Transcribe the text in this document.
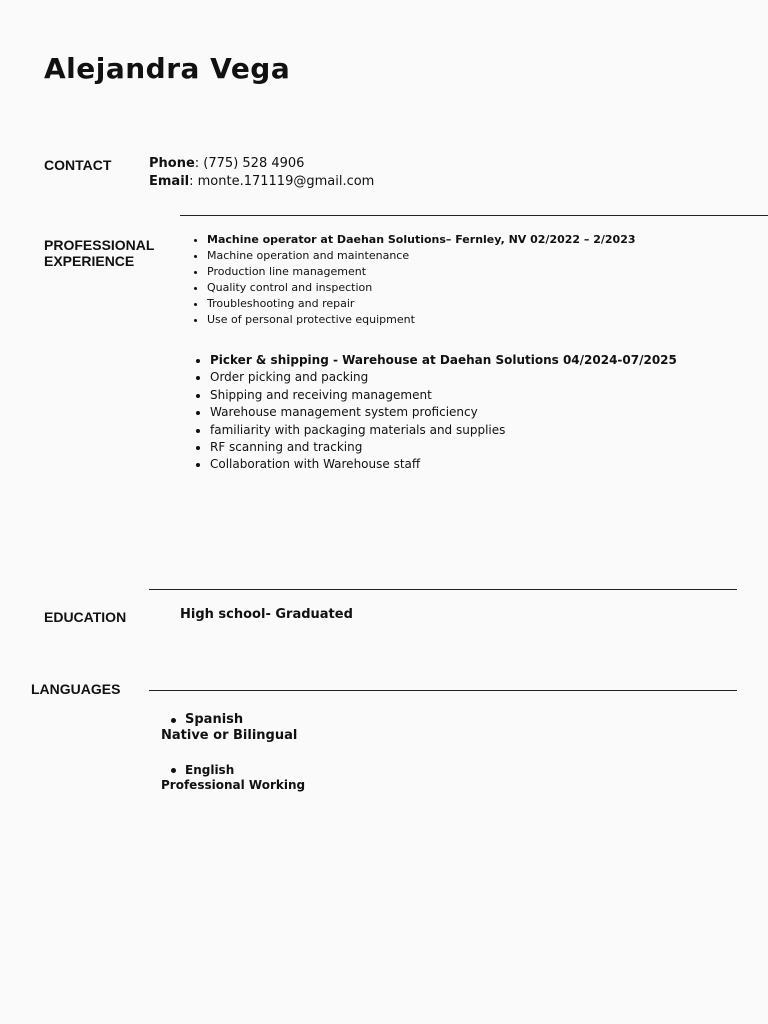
Alejandra Vega
CONTACT	Phone: (775) 528 4906
Email: monte.171119@gmail.com
PROFESSIONAL
EXPERIENCE
• Machine operator at Daehan Solutions– Fernley, NV 02/2022 – 2/2023
• Machine operation and maintenance
• Production line management
• Quality control and inspection
• Troubleshooting and repair
• Use of personal protective equipment
• Picker & shipping - Warehouse at Daehan Solutions 04/2024-07/2025
• Order picking and packing
• Shipping and receiving management
• Warehouse management system proficiency
• familiarity with packaging materials and supplies
• RF scanning and tracking
• Collaboration with Warehouse staff
EDUCATION	High school- Graduated
LANGUAGES
Spanish
Native or Bilingual
English
Professional Working
